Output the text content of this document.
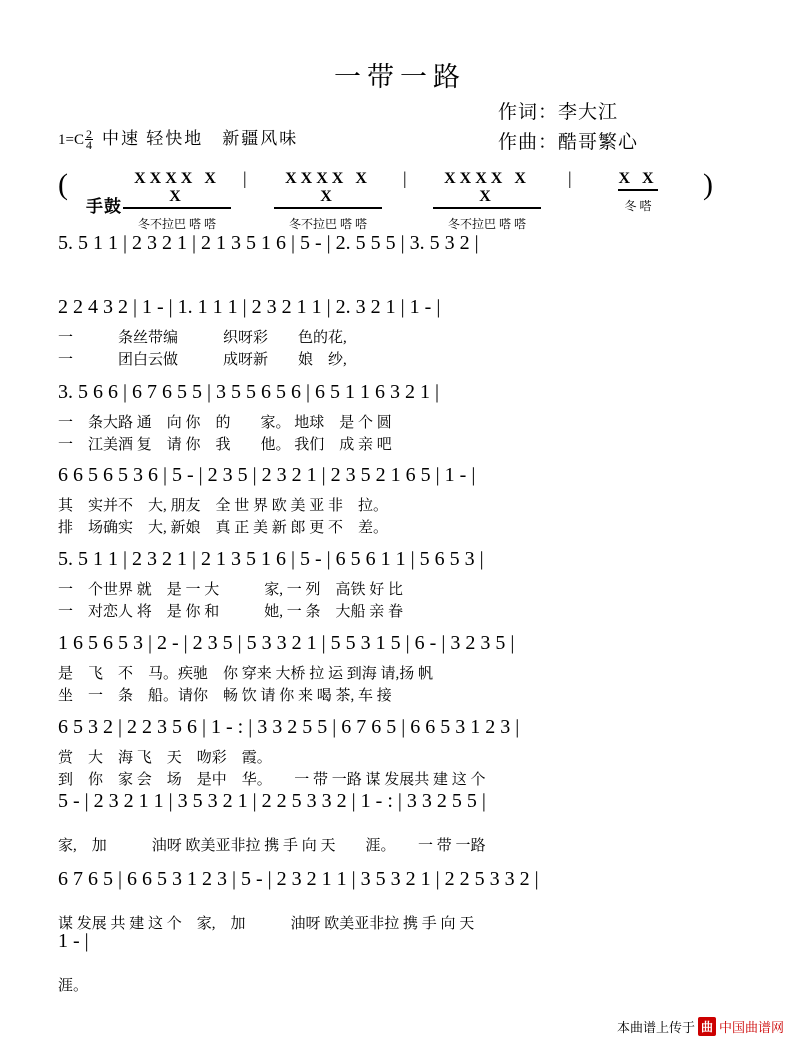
一带一路
作词：李大江
作曲：酷哥繁心
$1=C \frac{2}{4}$ 中速 轻快地　新疆风味
(
手鼓
XXXX X X
冬不拉巴 嗒 嗒
|	XXXX X X
冬不拉巴 嗒 嗒
|	XXXX X X
冬不拉巴 嗒 嗒
|	X X
冬 嗒
)
5. 5 1 1 | 2 3 2 1 | 2 1 3 5 1 6 | 5 - | 2. 5 5 5 | 3. 5 3 2 |
2 2 4 3 2 | 1 - | 1. 1 1 1 | 2 3 2 1 1 | 2. 3 2 1 | 1 - |
一　　　条丝带编　　　织呀彩　　色的花,
一　　　团白云做　　　成呀新　　娘　纱,
3. 5 6 6 | 6 7 6 5 5 | 3 5 5 6 5 6 | 6 5 1 1 6 3 2 1 |
一　条大路 通　向 你　的　　家。 地球　是 个 圆
一　江美酒 复　请 你　我　　他。 我们　成 亲 吧
6 6 5 6 5 3 6 | 5 - | 2 3 5 | 2 3 2 1 | 2 3 5 2 1 6 5 | 1 - |
其　实并不　大, 朋友　全 世 界 欧 美 亚 非　拉。
排　场确实　大, 新娘　真 正 美 新 郎 更 不　差。
5. 5 1 1 | 2 3 2 1 | 2 1 3 5 1 6 | 5 - | 6 5 6 1 1 | 5 6 5 3 |
一　个世界 就　是 一 大　　　家, 一 列　高铁 好 比
一　对恋人 将　是 你 和　　　她, 一 条　大船 亲 眷
1 6 5 6 5 3 | 2 - | 2 3 5 | 5 3 3 2 1 | 5 5 3 1 5 | 6 - | 3 2 3 5 |
是　飞　不　马。疾驰　你 穿来 大桥 拉 运 到海 请,扬 帆
坐　一　条　船。请你　畅 饮 请 你 来 喝 茶, 车 接
6 5 3 2 | 2 2 3 5 6 | 1 - : | 3 3 2 5 5 | 6 7 6 5 | 6 6 5 3 1 2 3 |
赏　大　海 飞　天　吻彩　霞。
到　你　家 会　场　是中　华。　　一 带 一路 谋 发展共 建 这 个
5 - | 2 3 2 1 1 | 3 5 3 2 1 | 2 2 5 3 3 2 | 1 - : | 3 3 2 5 5 |
家,　加　　　油呀 欧美亚非拉 携 手 向 天　　涯。　　一 带 一路
6 7 6 5 | 6 6 5 3 1 2 3 | 5 - | 2 3 2 1 1 | 3 5 3 2 1 | 2 2 5 3 3 2 |
谋 发展 共 建 这 个　家,　加　　　油呀 欧美亚非拉 携 手 向 天
1 - |
涯。
本曲谱上传于 曲 中国曲谱网
